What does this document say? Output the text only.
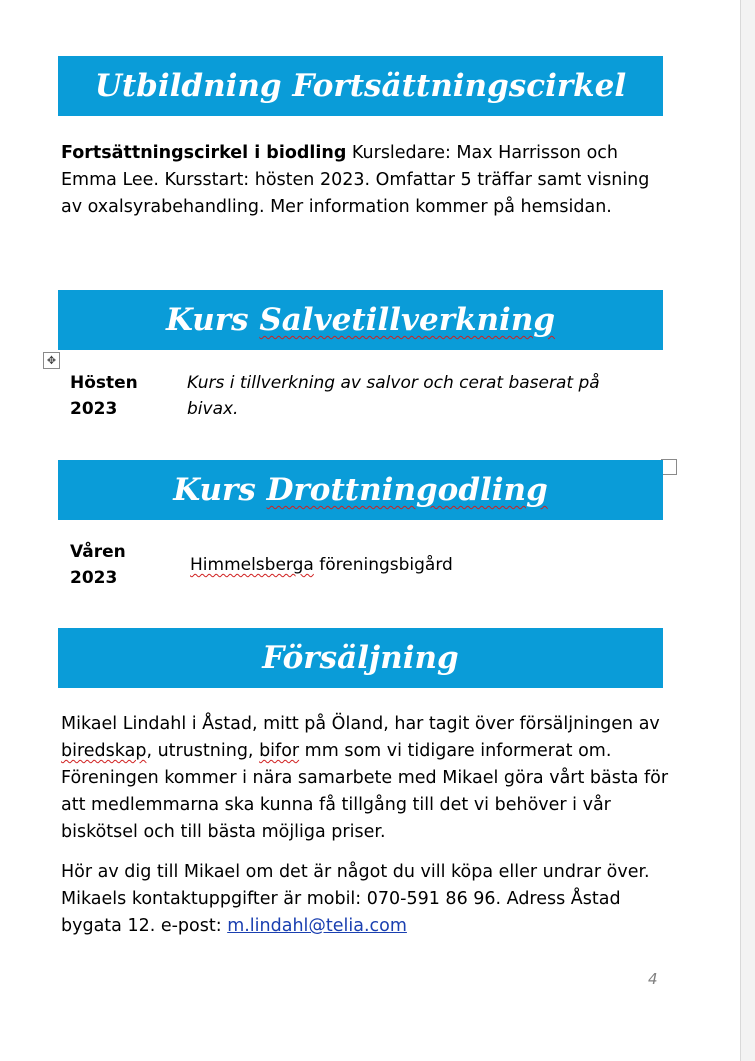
Utbildning Fortsättningscirkel

Fortsättningscirkel i biodling Kursledare: Max Harrisson och Emma Lee. Kursstart: hösten 2023. Omfattar 5 träffar samt visning av oxalsyrabehandling. Mer information kommer på hemsidan.

Kurs Salvetillverkning
✥

Hösten 2023

Kurs i tillverkning av salvor och cerat baserat på bivax.

Kurs Drottningodling

Våren 2023

Himmelsberga föreningsbigård

Försäljning

Mikael Lindahl i Åstad, mitt på Öland, har tagit över försäljningen av biredskap, utrustning, bifor mm som vi tidigare informerat om. Föreningen kommer i nära samarbete med Mikael göra vårt bästa för att medlemmarna ska kunna få tillgång till det vi behöver i vår biskötsel och till bästa möjliga priser.

Hör av dig till Mikael om det är något du vill köpa eller undrar över. Mikaels kontaktuppgifter är mobil: 070-591 86 96. Adress Åstad bygata 12. e-post: m.lindahl@telia.com

4
